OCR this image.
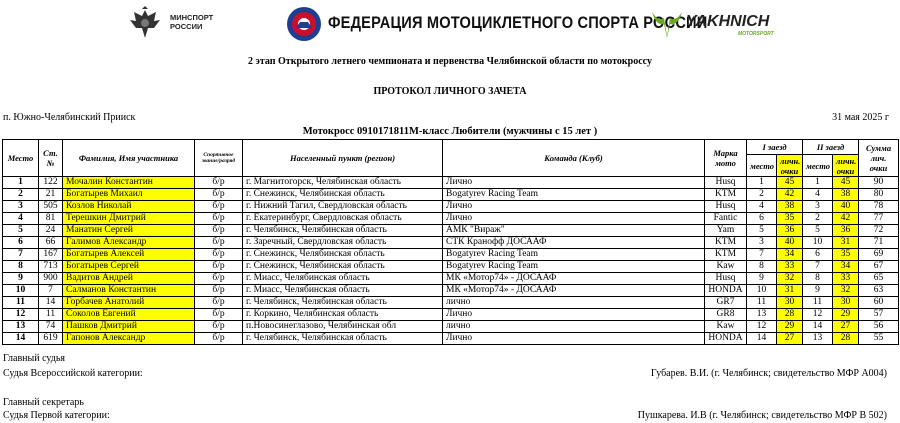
МИНСПОРТ
РОССИИ	ФЕДЕРАЦИЯ МОТОЦИКЛЕТНОГО СПОРТА РОССИИ
YAKHNICH
MOTORSPORT
2 этап Открытого летнего чемпионата и первенства Челябинской области по мотокроссу
ПРОТОКОЛ ЛИЧНОГО ЗАЧЕТА
п. Южно-Челябинский Прииск	31 мая 2025 г
Мотокросс 0910171811М-класс Любители (мужчины с 15 лет )
Место	Ст. №	Фамилия, Имя участника	Спортивное звание/разряд	Населенный пункт (регион)	Команда (Клуб)	Марка мото	I заезд		II заезд		Сумма лич. очки
							место	личн. очки	место	личн. очки	
1	122	Мочалин Константин	б/р	г. Магнитогорск, Челябинская область	Лично	Husq	1	45	1	45	90
2	21	Богатырев Михаил	б/р	г. Снежинск, Челябинская область	Bogatyrev Racing Team	KTM	2	42	4	38	80
3	505	Козлов Николай	б/р	г. Нижний Тагил, Свердловская область	Лично	Husq	4	38	3	40	78
4	81	Терешкин Дмитрий	б/р	г. Екатеринбург, Свердловская область	Лично	Fantic	6	35	2	42	77
5	24	Манатин Сергей	б/р	г. Челябинск, Челябинская область	АМК "Вираж"	Yam	5	36	5	36	72
6	66	Галимов Александр	б/р	г. Заречный, Свердловская область	СТК Кранофф ДОСААФ	KTM	3	40	10	31	71
7	167	Богатырев Алексей	б/р	г. Снежинск, Челябинская область	Bogatyrev Racing Team	KTM	7	34	6	35	69
8	713	Богатырев Сергей	б/р	г. Снежинск, Челябинская область	Bogatyrev Racing Team	Kaw	8	33	7	34	67
9	900	Вадитов Андрей	б/р	г. Миасс, Челябинская область	МК «Мотор74» - ДОСААФ	Husq	9	32	8	33	65
10	7	Салманов Константин	б/р	г. Миасс, Челябинская область	МК «Мотор74» - ДОСААФ	HONDA	10	31	9	32	63
11	14	Горбачев Анатолий	б/р	г. Челябинск, Челябинская область	лично	GR7	11	30	11	30	60
12	11	Соколов Евгений	б/р	г. Коркино, Челябинская область	Лично	GR8	13	28	12	29	57
13	74	Пашков Дмитрий	б/р	п.Новосинеглазово, Челябинская обл	лично	Kaw	12	29	14	27	56
14	619	Гапонов Александр	б/р	г. Челябинск, Челябинская область	Лично	HONDA	14	27	13	28	55
Главный судья
Судья Всероссийской категории:	Губарев. В.И. (г. Челябинск; свидетельство МФР А004)
Главный секретарь
Судья Первой категории:	Пушкарева. И.В (г. Челябинск; свидетельство МФР В 502)
